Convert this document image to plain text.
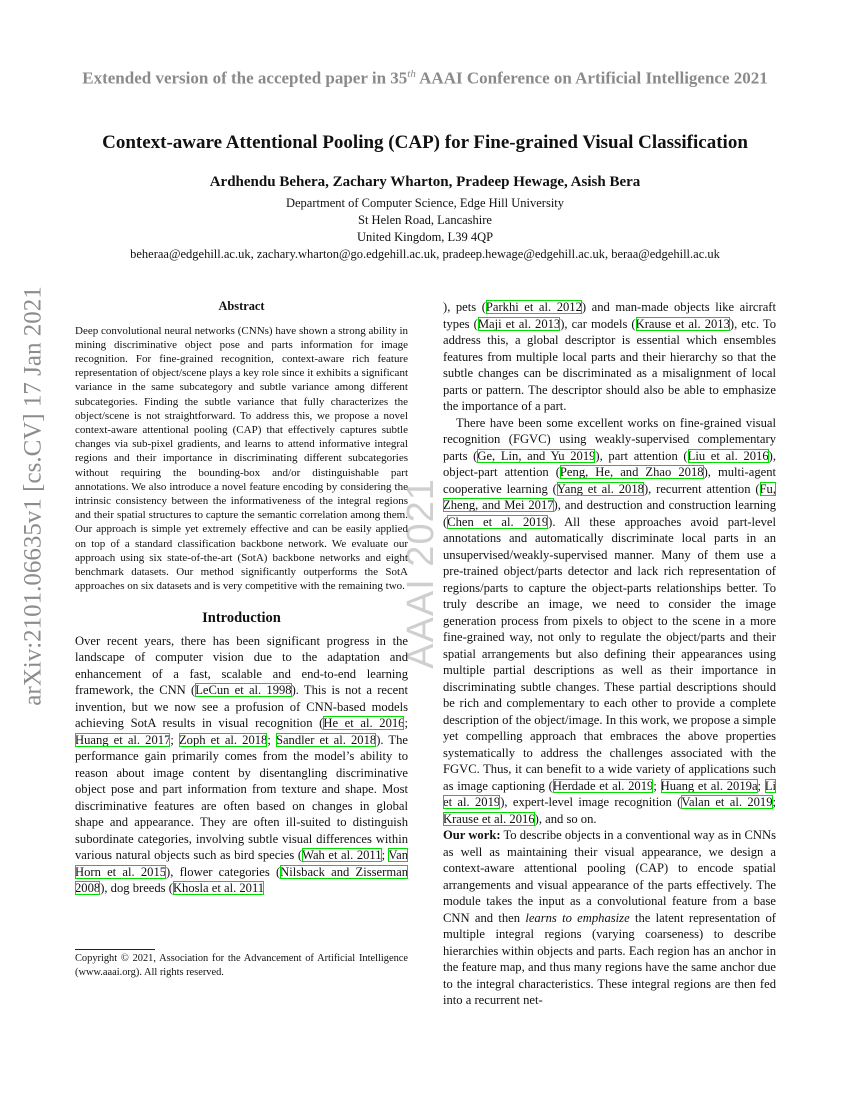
Extended version of the accepted paper in 35th AAAI Conference on Artificial Intelligence 2021
Context-aware Attentional Pooling (CAP) for Fine-grained Visual Classification
Ardhendu Behera, Zachary Wharton, Pradeep Hewage, Asish Bera
Department of Computer Science, Edge Hill University
St Helen Road, Lancashire
United Kingdom, L39 4QP
beheraa@edgehill.ac.uk, zachary.wharton@go.edgehill.ac.uk, pradeep.hewage@edgehill.ac.uk, beraa@edgehill.ac.uk
arXiv:2101.06635v1 [cs.CV] 17 Jan 2021	AAAI 2021
Abstract

Deep convolutional neural networks (CNNs) have shown a strong ability in mining discriminative object pose and parts information for image recognition. For fine-grained recognition, context-aware rich feature representation of object/scene plays a key role since it exhibits a significant variance in the same subcategory and subtle variance among different subcategories. Finding the subtle variance that fully characterizes the object/scene is not straightforward. To address this, we propose a novel context-aware attentional pooling (CAP) that effectively captures subtle changes via sub-pixel gradients, and learns to attend informative integral regions and their importance in discriminating different subcategories without requiring the bounding-box and/or distinguishable part annotations. We also introduce a novel feature encoding by considering the intrinsic consistency between the informativeness of the integral regions and their spatial structures to capture the semantic correlation among them. Our approach is simple yet extremely effective and can be easily applied on top of a standard classification backbone network. We evaluate our approach using six state-of-the-art (SotA) backbone networks and eight benchmark datasets. Our method significantly outperforms the SotA approaches on six datasets and is very competitive with the remaining two.

Introduction

Over recent years, there has been significant progress in the landscape of computer vision due to the adaptation and enhancement of a fast, scalable and end-to-end learning framework, the CNN (LeCun et al. 1998). This is not a recent invention, but we now see a profusion of CNN-based models achieving SotA results in visual recognition (He et al. 2016; Huang et al. 2017; Zoph et al. 2018; Sandler et al. 2018). The performance gain primarily comes from the model’s ability to reason about image content by disentangling discriminative object pose and part information from texture and shape. Most discriminative features are often based on changes in global shape and appearance. They are often ill-suited to distinguish subordinate categories, involving subtle visual differences within various natural objects such as bird species (Wah et al. 2011; Van Horn et al. 2015), flower categories (Nilsback and Zisserman 2008), dog breeds (Khosla et al. 2011

Copyright © 2021, Association for the Advancement of Artificial Intelligence (www.aaai.org). All rights reserved.

), pets (Parkhi et al. 2012) and man-made objects like aircraft types (Maji et al. 2013), car models (Krause et al. 2013), etc. To address this, a global descriptor is essential which ensembles features from multiple local parts and their hierarchy so that the subtle changes can be discriminated as a misalignment of local parts or pattern. The descriptor should also be able to emphasize the importance of a part.

There have been some excellent works on fine-grained visual recognition (FGVC) using weakly-supervised complementary parts (Ge, Lin, and Yu 2019), part attention (Liu et al. 2016), object-part attention (Peng, He, and Zhao 2018), multi-agent cooperative learning (Yang et al. 2018), recurrent attention (Fu, Zheng, and Mei 2017), and destruction and construction learning (Chen et al. 2019). All these approaches avoid part-level annotations and automatically discriminate local parts in an unsupervised/weakly-supervised manner. Many of them use a pre-trained object/parts detector and lack rich representation of regions/parts to capture the object-parts relationships better. To truly describe an image, we need to consider the image generation process from pixels to object to the scene in a more fine-grained way, not only to regulate the object/parts and their spatial arrangements but also defining their appearances using multiple partial descriptions as well as their importance in discriminating subtle changes. These partial descriptions should be rich and complementary to each other to provide a complete description of the object/image. In this work, we propose a simple yet compelling approach that embraces the above properties systematically to address the challenges associated with the FGVC. Thus, it can benefit to a wide variety of applications such as image captioning (Herdade et al. 2019; Huang et al. 2019a; Li et al. 2019), expert-level image recognition (Valan et al. 2019; Krause et al. 2016), and so on.

Our work: To describe objects in a conventional way as in CNNs as well as maintaining their visual appearance, we design a context-aware attentional pooling (CAP) to encode spatial arrangements and visual appearance of the parts effectively. The module takes the input as a convolutional feature from a base CNN and then learns to emphasize the latent representation of multiple integral regions (varying coarseness) to describe hierarchies within objects and parts. Each region has an anchor in the feature map, and thus many regions have the same anchor due to the integral characteristics. These integral regions are then fed into a recurrent net-
